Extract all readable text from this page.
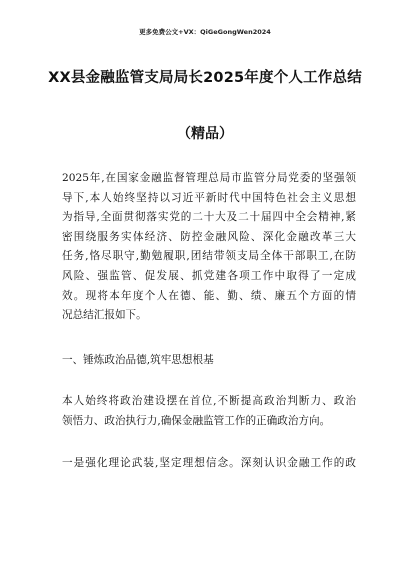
更多免费公文+VX：QiGeGongWen2024
XX县金融监管支局局长2025年度个人工作总结
（精品）
2025年,在国家金融监督管理总局市监管分局党委的坚强领
导下,本人始终坚持以习近平新时代中国特色社会主义思想
为指导,全面贯彻落实党的二十大及二十届四中全会精神,紧
密围绕服务实体经济、防控金融风险、深化金融改革三大
任务,恪尽职守,勤勉履职,团结带领支局全体干部职工,在防
风险、强监管、促发展、抓党建各项工作中取得了一定成
效。现将本年度个人在德、能、勤、绩、廉五个方面的情
况总结汇报如下。
一、锤炼政治品德,筑牢思想根基
本人始终将政治建设摆在首位,不断提高政治判断力、政治
领悟力、政治执行力,确保金融监管工作的正确政治方向。
一是强化理论武装,坚定理想信念。深刻认识金融工作的政
